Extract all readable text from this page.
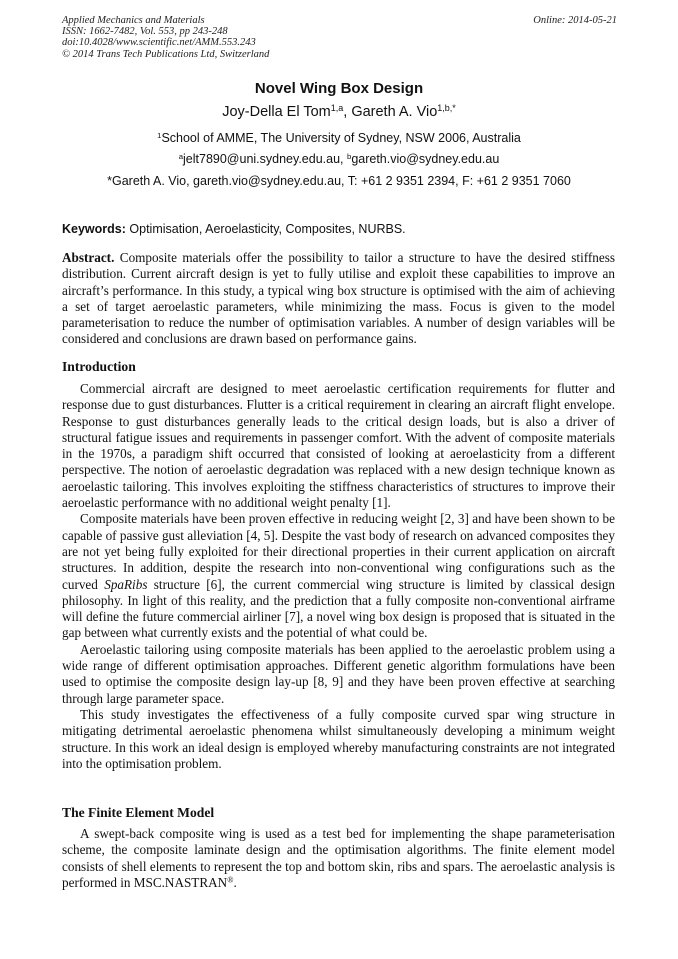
Applied Mechanics and Materials
ISSN: 1662-7482, Vol. 553, pp 243-248
doi:10.4028/www.scientific.net/AMM.553.243
© 2014 Trans Tech Publications Ltd, Switzerland
Online: 2014-05-21
Novel Wing Box Design
Joy-Della El Tom$^{1,a}$, Gareth A. Vio$^{1,b,*}$
$^1$School of AMME, The University of Sydney, NSW 2006, Australia
$^a$jelt7890@uni.sydney.edu.au, $^b$gareth.vio@sydney.edu.au
*Gareth A. Vio, gareth.vio@sydney.edu.au, T: +61 2 9351 2394, F: +61 2 9351 7060
Keywords: Optimisation, Aeroelasticity, Composites, NURBS.

Abstract. Composite materials offer the possibility to tailor a structure to have the desired stiffness distribution. Current aircraft design is yet to fully utilise and exploit these capabilities to improve an aircraft’s performance. In this study, a typical wing box structure is optimised with the aim of achieving a set of target aeroelastic parameters, while minimizing the mass. Focus is given to the model parameterisation to reduce the number of optimisation variables. A number of design variables will be considered and conclusions are drawn based on performance gains.

Introduction

Commercial aircraft are designed to meet aeroelastic certification requirements for flutter and response due to gust disturbances. Flutter is a critical requirement in clearing an aircraft flight envelope. Response to gust disturbances generally leads to the critical design loads, but is also a driver of structural fatigue issues and requirements in passenger comfort. With the advent of composite materials in the 1970s, a paradigm shift occurred that consisted of looking at aeroelasticity from a different perspective. The notion of aeroelastic degradation was replaced with a new design technique known as aeroelastic tailoring. This involves exploiting the stiffness characteristics of structures to improve their aeroelastic performance with no additional weight penalty [1].

Composite materials have been proven effective in reducing weight [2, 3] and have been shown to be capable of passive gust alleviation [4, 5]. Despite the vast body of research on advanced composites they are not yet being fully exploited for their directional properties in their current application on aircraft structures. In addition, despite the research into non-conventional wing configurations such as the curved SpaRibs structure [6], the current commercial wing structure is limited by classical design philosophy. In light of this reality, and the prediction that a fully composite non-conventional airframe will define the future commercial airliner [7], a novel wing box design is proposed that is situated in the gap between what currently exists and the potential of what could be.

Aeroelastic tailoring using composite materials has been applied to the aeroelastic problem using a wide range of different optimisation approaches. Different genetic algorithm formulations have been used to optimise the composite design lay-up [8, 9] and they have been proven effective at searching through large parameter space.

This study investigates the effectiveness of a fully composite curved spar wing structure in mitigating detrimental aeroelastic phenomena whilst simultaneously developing a minimum weight structure. In this work an ideal design is employed whereby manufacturing constraints are not integrated into the optimisation problem.

The Finite Element Model

A swept-back composite wing is used as a test bed for implementing the shape parameterisation scheme, the composite laminate design and the optimisation algorithms. The finite element model consists of shell elements to represent the top and bottom skin, ribs and spars. The aeroelastic analysis is performed in MSC.NASTRAN®.
